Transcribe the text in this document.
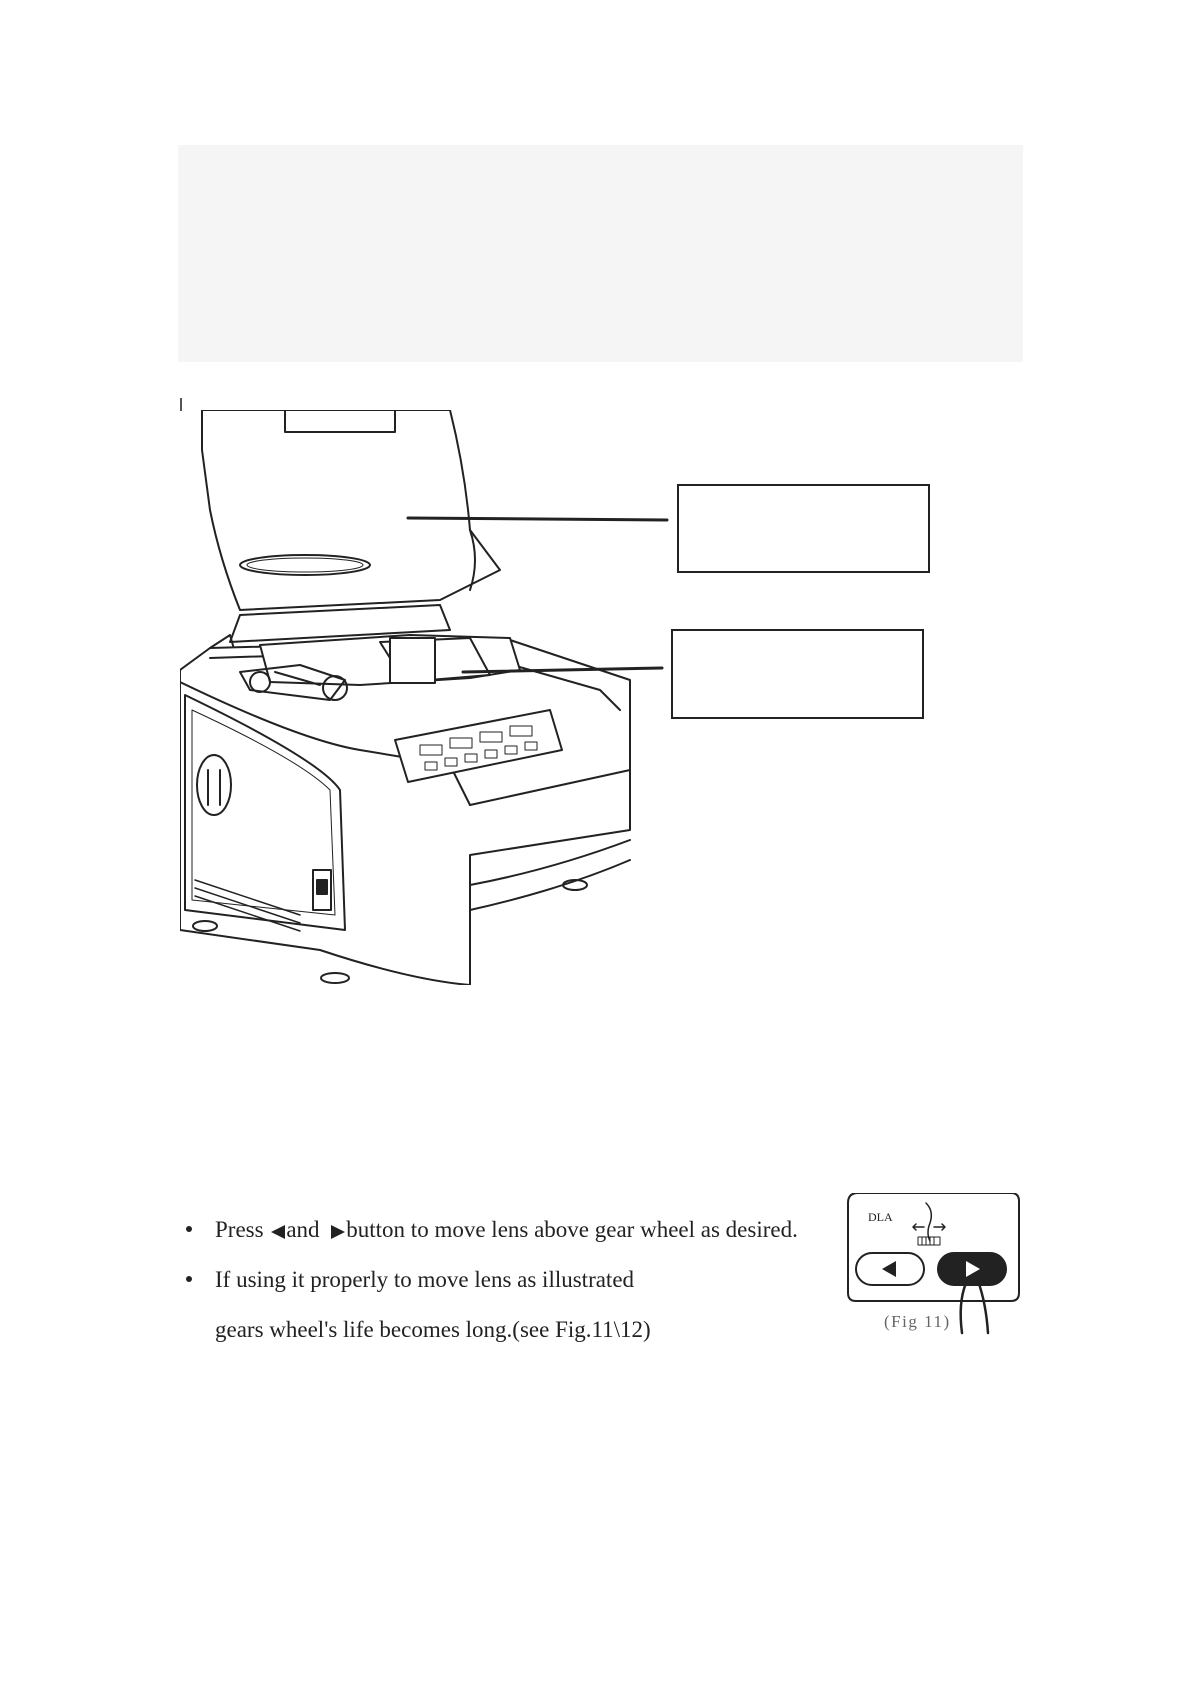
Press and button to move lens above gear wheel as desired.
If using it properly to move lens as illustrated
gears wheel's life becomes long.(see Fig.11\12)
DLA
(Fig 11)
